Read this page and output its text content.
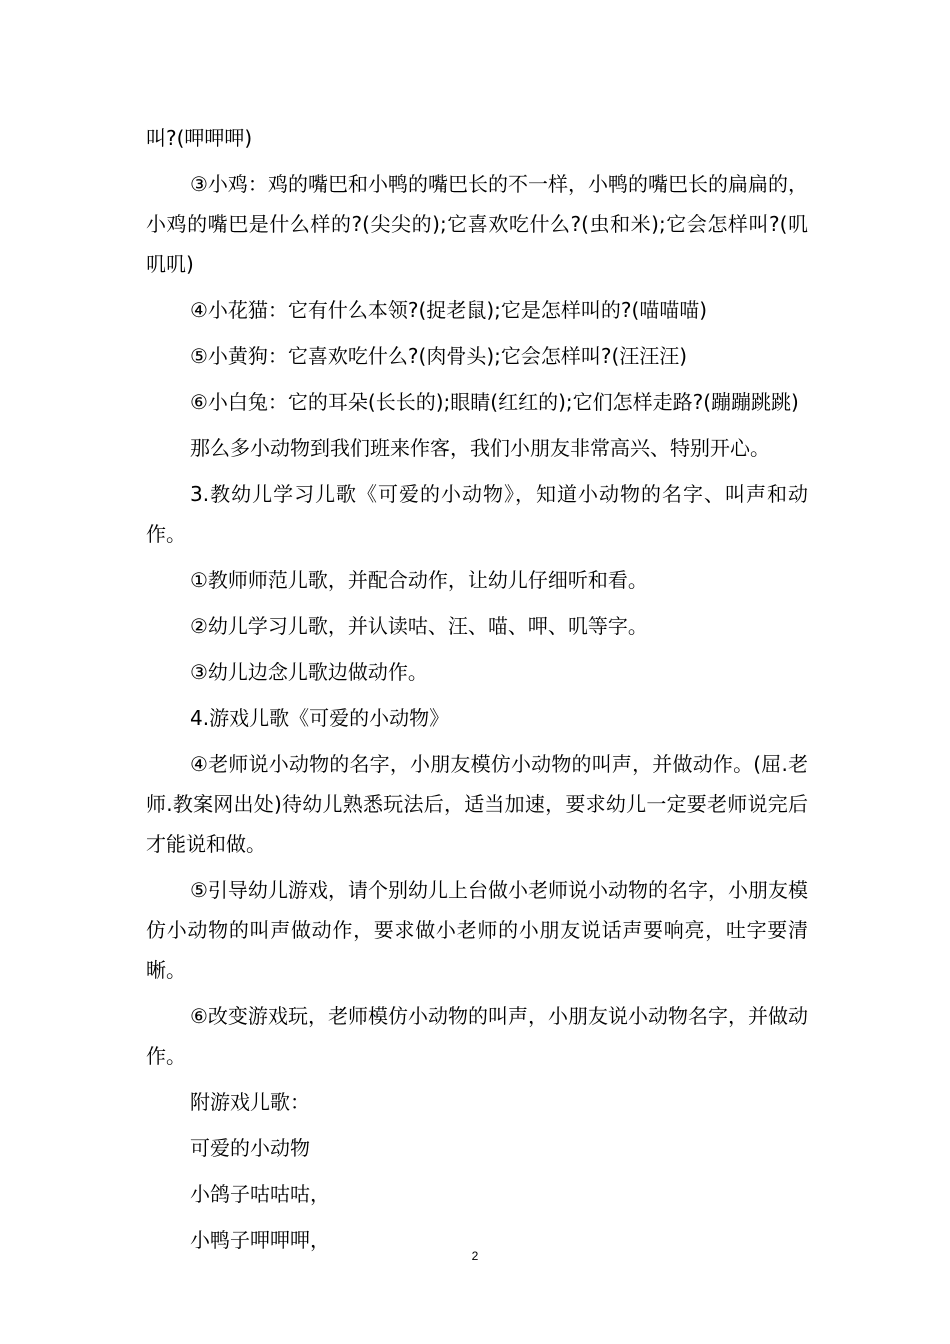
叫?(呷呷呷)

③小鸡：鸡的嘴巴和小鸭的嘴巴长的不一样，小鸭的嘴巴长的扁扁的，小鸡的嘴巴是什么样的?(尖尖的);它喜欢吃什么?(虫和米);它会怎样叫?(叽叽叽)

④小花猫：它有什么本领?(捉老鼠);它是怎样叫的?(喵喵喵)

⑤小黄狗：它喜欢吃什么?(肉骨头);它会怎样叫?(汪汪汪)

⑥小白兔：它的耳朵(长长的);眼睛(红红的);它们怎样走路?(蹦蹦跳跳)

那么多小动物到我们班来作客，我们小朋友非常高兴、特别开心。

3.教幼儿学习儿歌《可爱的小动物》，知道小动物的名字、叫声和动作。

①教师师范儿歌，并配合动作，让幼儿仔细听和看。

②幼儿学习儿歌，并认读咕、汪、喵、呷、叽等字。

③幼儿边念儿歌边做动作。

4.游戏儿歌《可爱的小动物》

④老师说小动物的名字，小朋友模仿小动物的叫声，并做动作。(屈.老师.教案网出处)待幼儿熟悉玩法后，适当加速，要求幼儿一定要老师说完后才能说和做。

⑤引导幼儿游戏，请个别幼儿上台做小老师说小动物的名字，小朋友模仿小动物的叫声做动作，要求做小老师的小朋友说话声要响亮，吐字要清晰。

⑥改变游戏玩，老师模仿小动物的叫声，小朋友说小动物名字，并做动作。

附游戏儿歌：

可爱的小动物

小鸽子咕咕咕，

小鸭子呷呷呷，

2
